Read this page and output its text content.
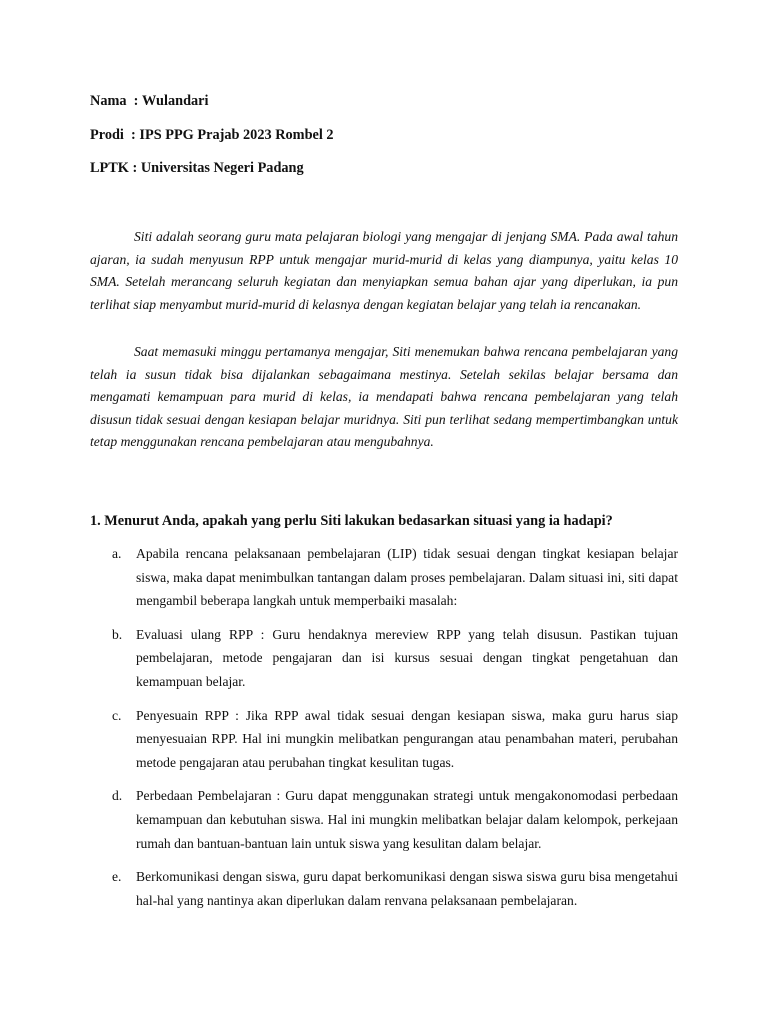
Nama  : Wulandari
Prodi  : IPS PPG Prajab 2023 Rombel 2
LPTK : Universitas Negeri Padang

Siti adalah seorang guru mata pelajaran biologi yang mengajar di jenjang SMA. Pada awal tahun ajaran, ia sudah menyusun RPP untuk mengajar murid-murid di kelas yang diampunya, yaitu kelas 10 SMA. Setelah merancang seluruh kegiatan dan menyiapkan semua bahan ajar yang diperlukan, ia pun terlihat siap menyambut murid-murid di kelasnya dengan kegiatan belajar yang telah ia rencanakan.

Saat memasuki minggu pertamanya mengajar, Siti menemukan bahwa rencana pembelajaran yang telah ia susun tidak bisa dijalankan sebagaimana mestinya. Setelah sekilas belajar bersama dan mengamati kemampuan para murid di kelas, ia mendapati bahwa rencana pembelajaran yang telah disusun tidak sesuai dengan kesiapan belajar muridnya. Siti pun terlihat sedang mempertimbangkan untuk tetap menggunakan rencana pembelajaran atau mengubahnya.

1. Menurut Anda, apakah yang perlu Siti lakukan bedasarkan situasi yang ia hadapi?
a.	Apabila rencana pelaksanaan pembelajaran (LIP) tidak sesuai dengan tingkat kesiapan belajar siswa, maka dapat menimbulkan tantangan dalam proses pembelajaran. Dalam situasi ini, siti dapat mengambil beberapa langkah untuk memperbaiki masalah:
b.	Evaluasi ulang RPP : Guru hendaknya mereview RPP yang telah disusun. Pastikan tujuan pembelajaran, metode pengajaran dan isi kursus sesuai dengan tingkat pengetahuan dan kemampuan belajar.
c.	Penyesuain RPP : Jika RPP awal tidak sesuai dengan kesiapan siswa, maka guru harus siap menyesuaian RPP. Hal ini mungkin melibatkan pengurangan atau penambahan materi, perubahan metode pengajaran atau perubahan tingkat kesulitan tugas.
d.	Perbedaan Pembelajaran : Guru dapat menggunakan strategi untuk mengakonomodasi perbedaan kemampuan dan kebutuhan siswa. Hal ini mungkin melibatkan belajar dalam kelompok, perkejaan rumah dan bantuan-bantuan lain untuk siswa yang kesulitan dalam belajar.
e.	Berkomunikasi dengan siswa, guru dapat berkomunikasi dengan siswa siswa guru bisa mengetahui hal-hal yang nantinya akan diperlukan dalam renvana pelaksanaan pembelajaran.
